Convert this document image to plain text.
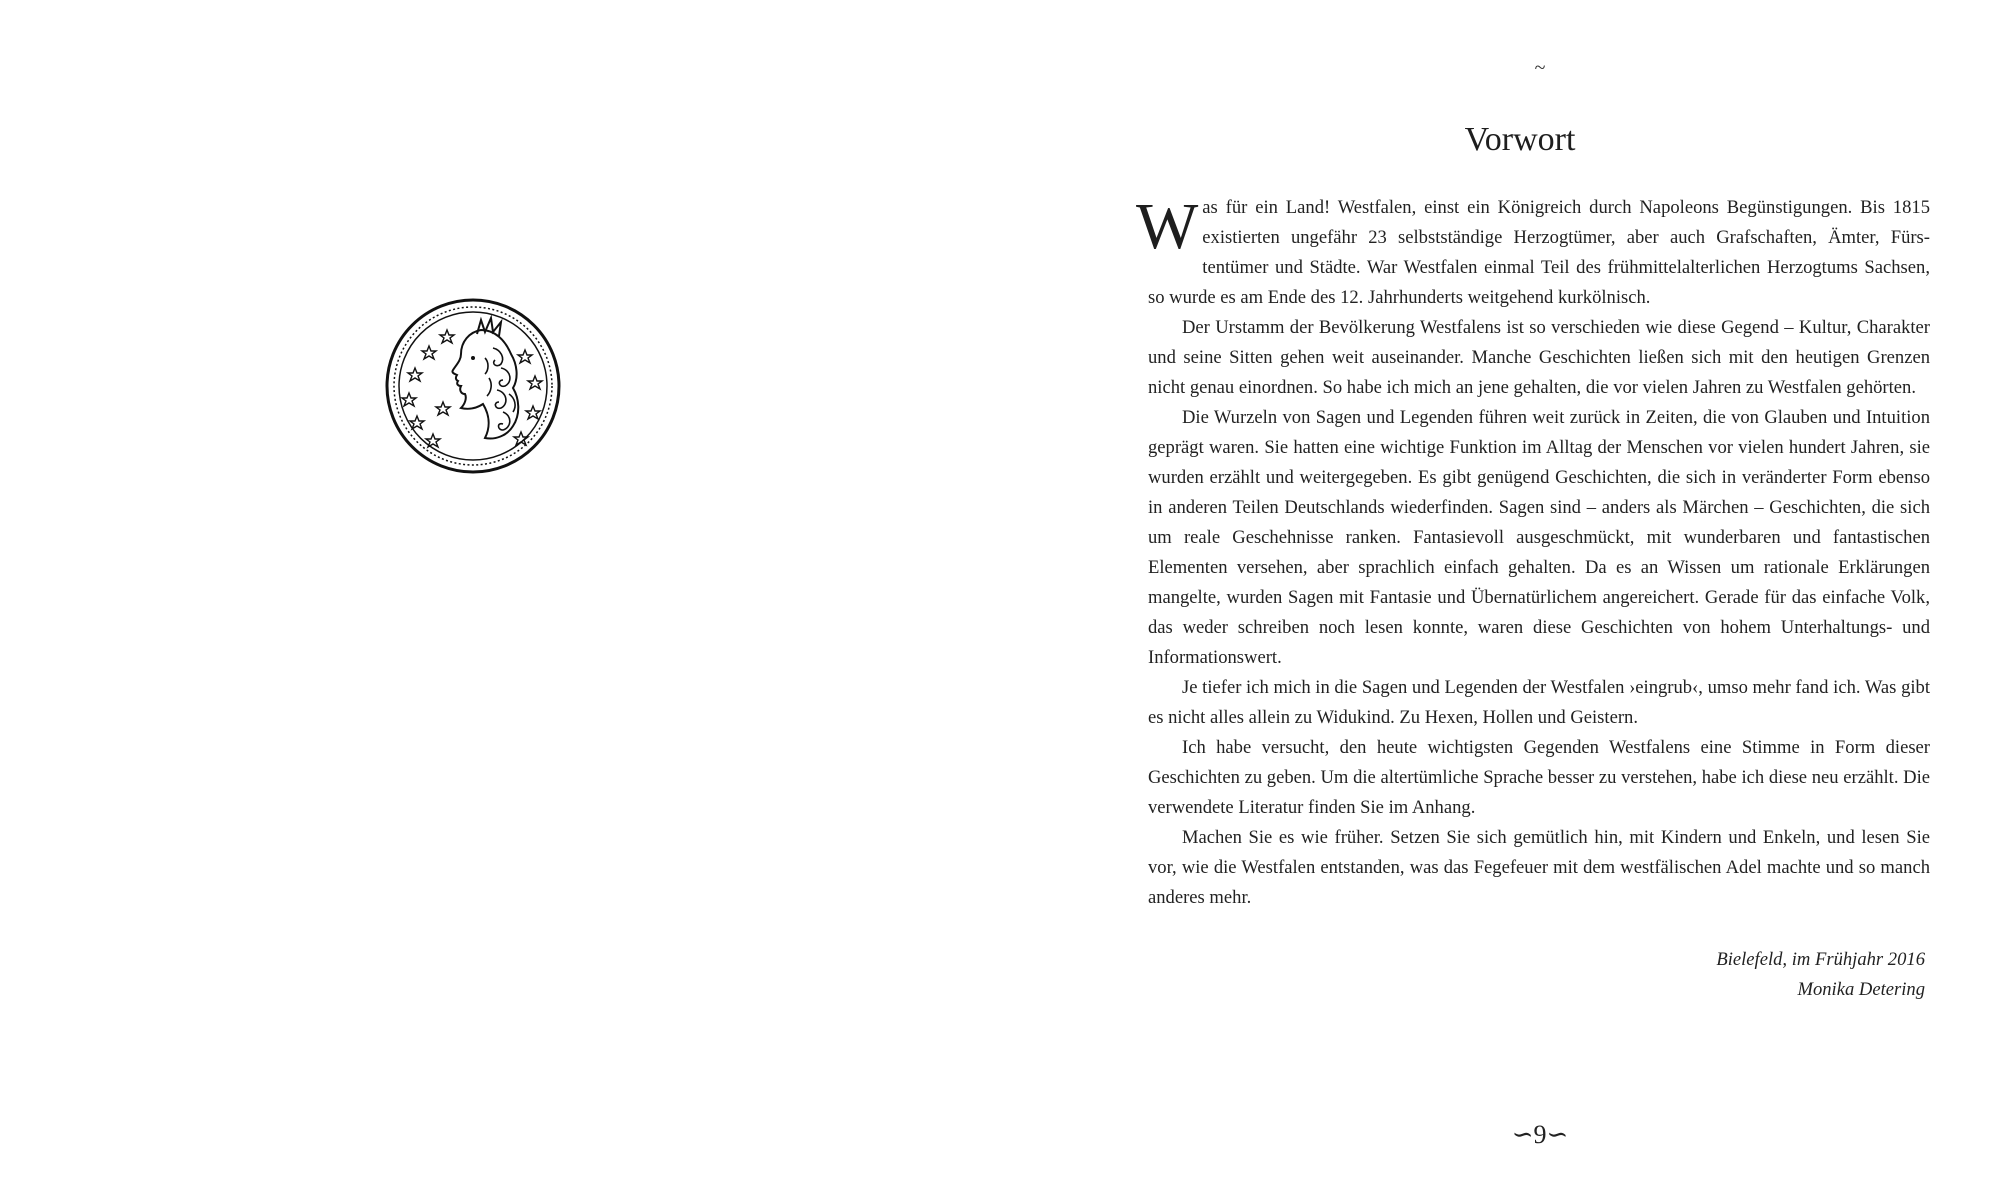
~
Vorwort

Was für ein Land! Westfalen, einst ein Königreich durch Napoleons Begünstigungen. Bis 1815 existierten ungefähr 23 selbstständige Herzogtümer, aber auch Grafschaften, Ämter, Fürstentümer und Städte. War Westfalen einmal Teil des frühmittelalterlichen Herzogtums Sachsen, so wurde es am Ende des 12. Jahrhunderts weitgehend kurkölnisch.

Der Urstamm der Bevölkerung Westfalens ist so verschieden wie diese Gegend – Kultur, Charakter und seine Sitten gehen weit auseinander. Manche Geschichten ließen sich mit den heutigen Grenzen nicht genau einordnen. So habe ich mich an jene gehalten, die vor vielen Jahren zu Westfalen gehörten.

Die Wurzeln von Sagen und Legenden führen weit zurück in Zeiten, die von Glauben und Intuition geprägt waren. Sie hatten eine wichtige Funktion im Alltag der Menschen vor vielen hundert Jahren, sie wurden erzählt und weitergegeben. Es gibt genügend Geschichten, die sich in veränderter Form ebenso in anderen Teilen Deutschlands wiederfinden. Sagen sind – anders als Märchen – Geschichten, die sich um reale Geschehnisse ranken. Fantasievoll ausgeschmückt, mit wunderbaren und fantastischen Elementen versehen, aber sprachlich einfach gehalten. Da es an Wissen um rationale Erklärungen mangelte, wurden Sagen mit Fantasie und Übernatürlichem angereichert. Gerade für das einfache Volk, das weder schreiben noch lesen konnte, waren diese Geschichten von hohem Unterhaltungs- und Informationswert.

Je tiefer ich mich in die Sagen und Legenden der Westfalen ›eingrub‹, umso mehr fand ich. Was gibt es nicht alles allein zu Widukind. Zu Hexen, Hollen und Geistern.

Ich habe versucht, den heute wichtigsten Gegenden Westfalens eine Stimme in Form dieser Geschichten zu geben. Um die altertümliche Sprache besser zu verstehen, habe ich diese neu erzählt. Die verwendete Literatur finden Sie im Anhang.

Machen Sie es wie früher. Setzen Sie sich gemütlich hin, mit Kindern und Enkeln, und lesen Sie vor, wie die Westfalen entstanden, was das Fegefeuer mit dem westfälischen Adel machte und so manch anderes mehr.

Bielefeld, im Frühjahr 2016
Monika Detering
∽9∽
